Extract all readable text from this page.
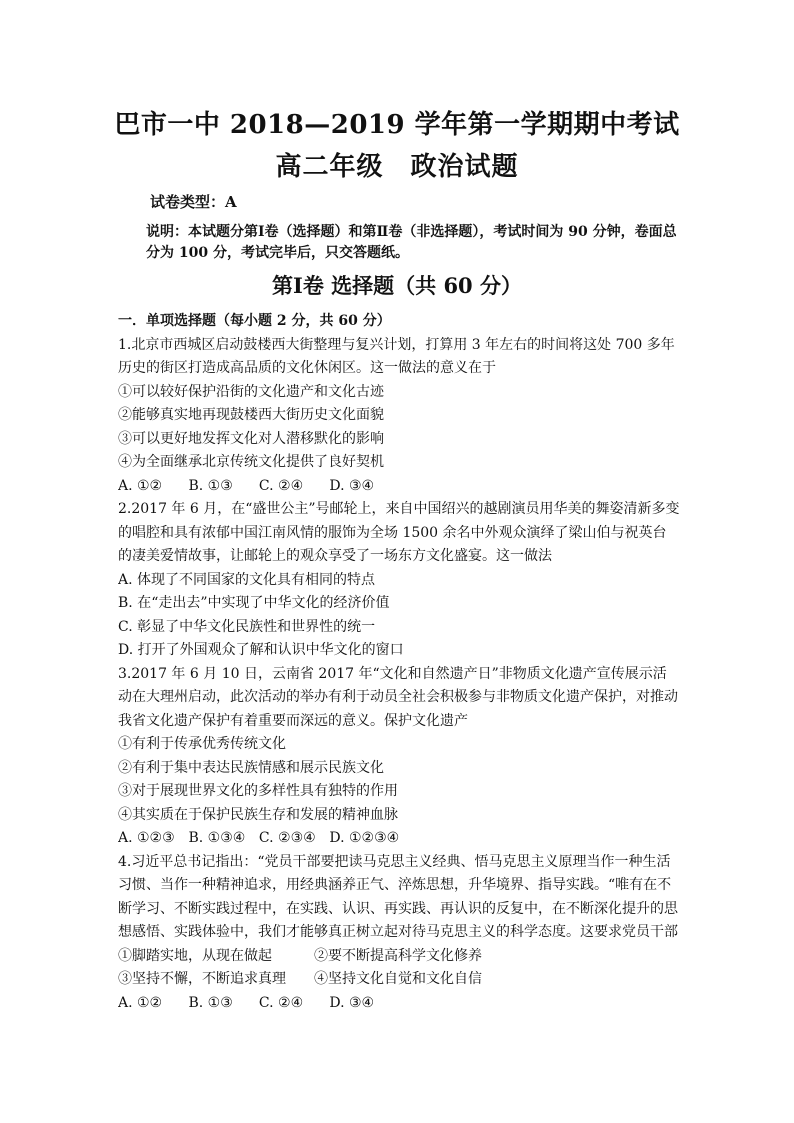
巴市一中 2018—2019 学年第一学期期中考试
高二年级　政治试题
试卷类型：A
说明：本试题分第Ⅰ卷（选择题）和第Ⅱ卷（非选择题），考试时间为 90 分钟，卷面总分为 100 分，考试完毕后，只交答题纸。
第Ⅰ卷 选择题（共 60 分）
一．单项选择题（每小题 2 分，共 60 分）
1.北京市西城区启动鼓楼西大街整理与复兴计划，打算用 3 年左右的时间将这处 700 多年历史的街区打造成高品质的文化休闲区。这一做法的意义在于
①可以较好保护沿街的文化遗产和文化古迹
②能够真实地再现鼓楼西大街历史文化面貌
③可以更好地发挥文化对人潜移默化的影响
④为全面继承北京传统文化提供了良好契机
A. ①② B. ①③ C. ②④ D. ③④
2.2017 年 6 月，在“盛世公主”号邮轮上，来自中国绍兴的越剧演员用华美的舞姿清新多变的唱腔和具有浓郁中国江南风情的服饰为全场 1500 余名中外观众演绎了梁山伯与祝英台的凄美爱情故事，让邮轮上的观众享受了一场东方文化盛宴。这一做法
A. 体现了不同国家的文化具有相同的特点
B. 在“走出去”中实现了中华文化的经济价值
C. 彰显了中华文化民族性和世界性的统一
D. 打开了外国观众了解和认识中华文化的窗口
3.2017 年 6 月 10 日，云南省 2017 年“文化和自然遗产日”非物质文化遗产宣传展示活动在大理州启动，此次活动的举办有利于动员全社会积极参与非物质文化遗产保护，对推动我省文化遗产保护有着重要而深远的意义。保护文化遗产
①有利于传承优秀传统文化
②有利于集中表达民族情感和展示民族文化
③对于展现世界文化的多样性具有独特的作用
④其实质在于保护民族生存和发展的精神血脉
A. ①②③ B. ①③④ C. ②③④ D. ①②③④
4.习近平总书记指出：“党员干部要把读马克思主义经典、悟马克思主义原理当作一种生活习惯、当作一种精神追求，用经典涵养正气、淬炼思想，升华境界、指导实践。“唯有在不断学习、不断实践过程中，在实践、认识、再实践、再认识的反复中，在不断深化提升的思想感悟、实践体验中，我们才能够真正树立起对待马克思主义的科学态度。这要求党员干部
①脚踏实地，从现在做起	②要不断提高科学文化修养
③坚持不懈，不断追求真理 ④坚持文化自觉和文化自信
A. ①② B. ①③ C. ②④ D. ③④
